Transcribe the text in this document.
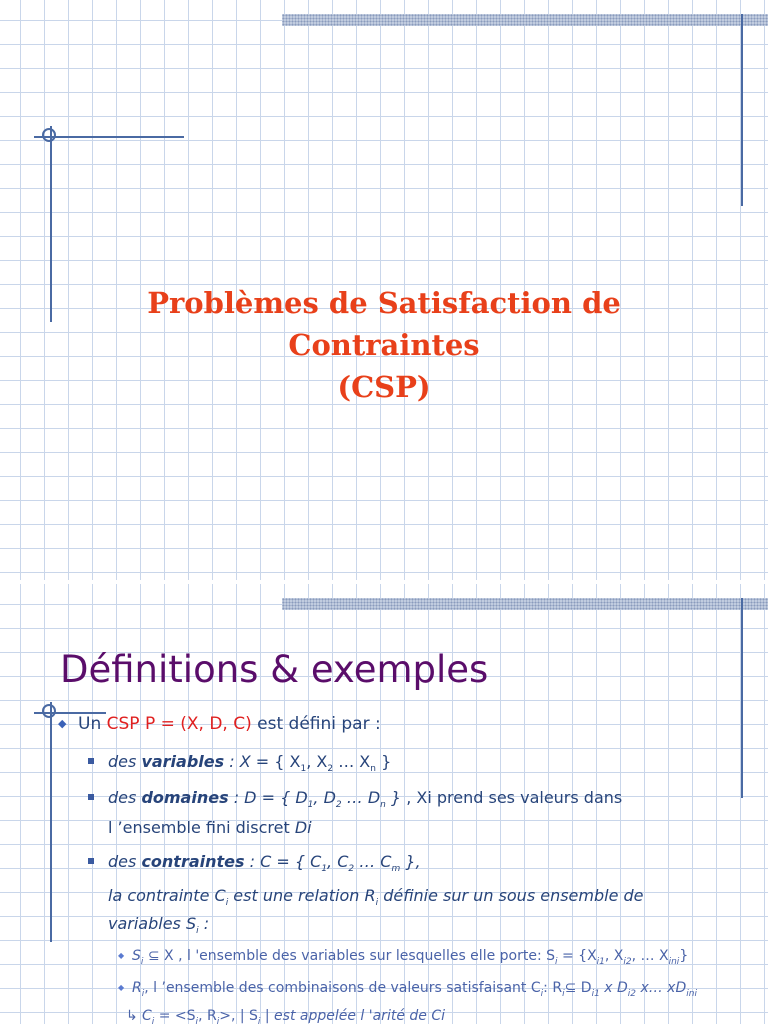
Problèmes de Satisfaction de
Contraintes
(CSP)
Définitions & exemples
◆ Un CSP P = (X, D, C) est défini par :
des variables : X = { $X_1$, $X_2$ … $X_n$ }
des domaines : D = { $D_1$, $D_2$ … $D_n$ } , Xi prend ses valeurs dans
l ’ensemble fini discret Di
des contraintes : C = { $C_1$, $C_2$ … $C_m$ },
la contrainte $C_i$ est une relation $R_i$ définie sur un sous ensemble de
variables $S_i$ :
◆ $S_i$ ⊆ X , l 'ensemble des variables sur lesquelles elle porte: $S_i = \{X_{i1}$, $X_{i2}$, … $X_{ini}$}
◆ $R_i$, l ’ensemble des combinaisons de valeurs satisfaisant $C_i$: $R_i⊆$ $D_{i1}$ x $D_{i2}$ x… $xD_{ini}$
↳ $C_i = <S_i$, $R_i>$, | $S_i$ | est appelée l 'arité de Ci
